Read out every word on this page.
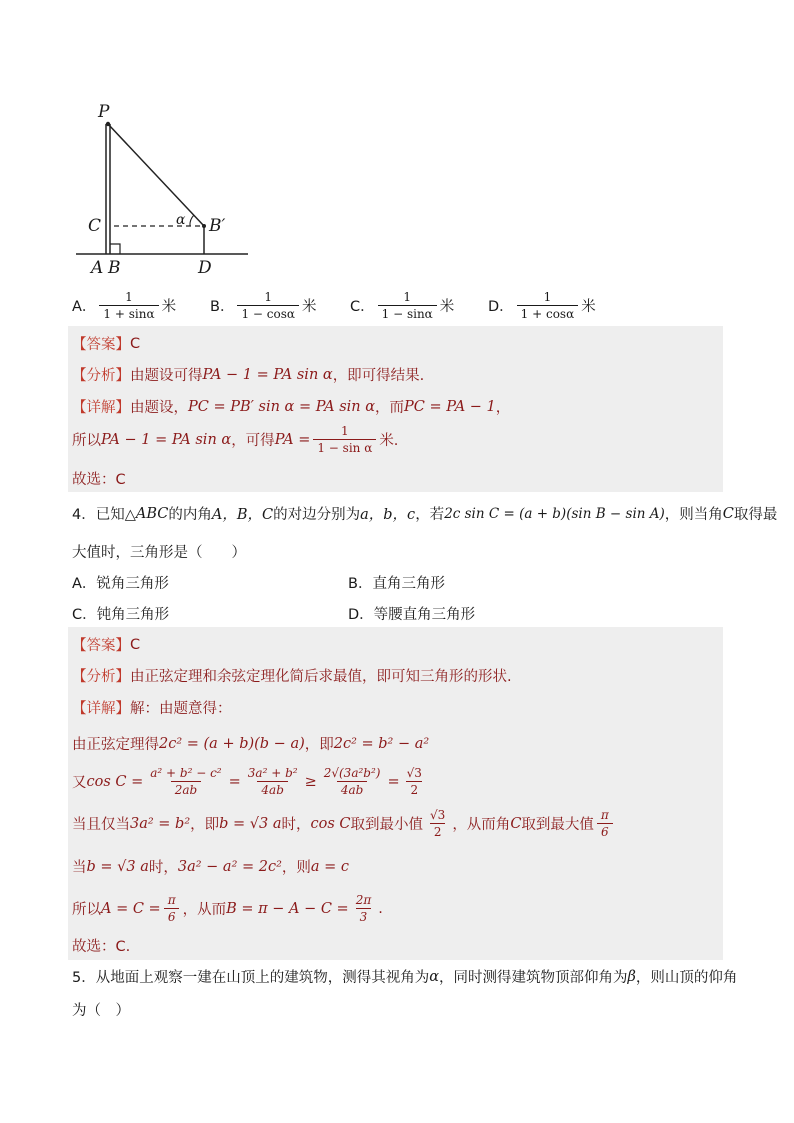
P
C	α B′
A B	D
A． $\frac{1}{1 + \sin\alpha}$ 米 B． $\frac{1}{1 - \cos\alpha}$ 米 C． $\frac{1}{1 - \sin\alpha}$ 米 D． $\frac{1}{1 + \cos\alpha}$ 米
【答案】 C
【分析】 由题设可得 PA − 1 = PA sin α ，即可得结果.
【详解】 由题设， PC = PB′ sin α = PA sin α ，而 PC = PA − 1 ，
所以 PA − 1 = PA sin α ，可得 PA = $\frac{1}{\text{1 − sin α}}$ 米.
故选：C
4．已知△ ABC 的内角 A，B，C 的对边分别为 a，b，c ，若 2c sin C = (a + b)(sin B − sin A) ，则当角 C 取得最
大值时，三角形是（　　）
A．锐角三角形	B．直角三角形
C．钝角三角形	D．等腰直角三角形
【答案】 C
【分析】 由正弦定理和余弦定理化简后求最值，即可知三角形的形状.
【详解】 解：由题意得：
由正弦定理得 2c² = (a + b)(b − a) ，即 2c² = b² − a²
又 $\cos C = \frac{\text{a² + b² − c²}}{2ab} = \frac{\text{3a² + b²}}{4ab} \ge \frac{\text{2√(3a²b²)}}{4ab} = \frac{√3}{2}$
当且仅当 3a² = b² ，即 b = √3 a 时， cos C 取到最小值 $\frac{√3}{2}$ ，从而角 C 取到最大值 $\frac{\pi}{6}$
当 b = √3 a 时， 3a² − a² = 2c² ，则 a = c
所以 $A = C = \frac{\pi}{6}$ ，从而 $B = \pi - A - C = \frac{2\pi}{3}$ .
故选：C.
5．从地面上观察一建在山顶上的建筑物，测得其视角为 α ，同时测得建筑物顶部仰角为 β ，则山顶的仰角
为（　）
